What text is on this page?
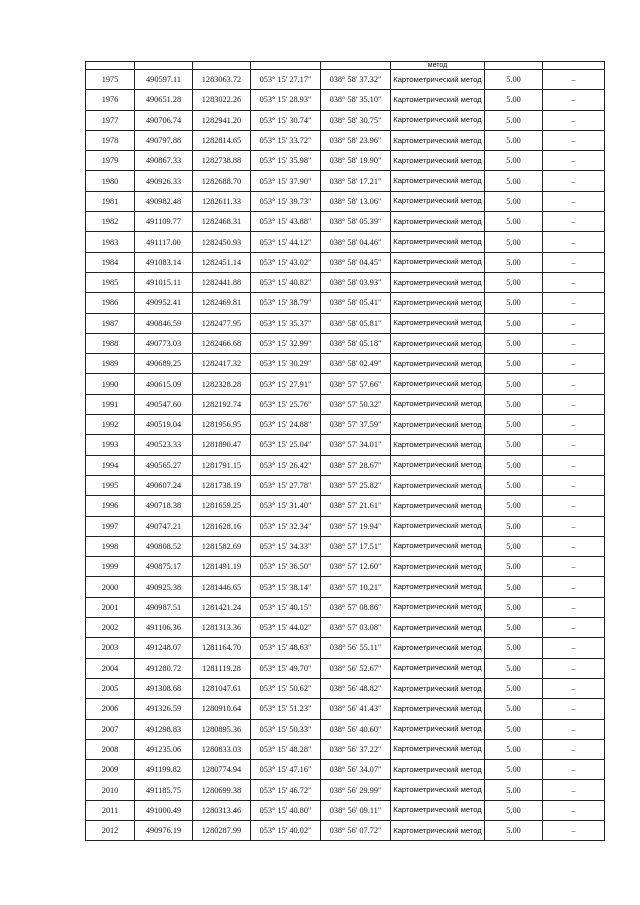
					метод		
1975	490597.11	1283063.72	053° 15' 27.17"	038° 58' 37.32"	Картометрический метод	5.00	–
1976	490651.28	1283022.26	053° 15' 28.93"	038° 58' 35.10"	Картометрический метод	5.00	–
1977	490706.74	1282941.20	053° 15' 30.74"	038° 58' 30.75"	Картометрический метод	5.00	–
1978	490797.88	1282814.65	053° 15' 33.72"	038° 58' 23.96"	Картометрический метод	5.00	–
1979	490867.33	1282738.88	053° 15' 35.98"	038° 58' 19.90"	Картометрический метод	5.00	–
1980	490926.33	1282688.70	053° 15' 37.90"	038° 58' 17.21"	Картометрический метод	5.00	–
1981	490982.48	1282611.33	053° 15' 39.73"	038° 58' 13.06"	Картометрический метод	5.00	–
1982	491109.77	1282468.31	053° 15' 43.88"	038° 58' 05.39"	Картометрический метод	5.00	–
1983	491117.00	1282450.93	053° 15' 44.12"	038° 58' 04.46"	Картометрический метод	5.00	–
1984	491083.14	1282451.14	053° 15' 43.02"	038° 58' 04.45"	Картометрический метод	5.00	–
1985	491015.11	1282441.88	053° 15' 40.82"	038° 58' 03.93"	Картометрический метод	5.00	–
1986	490952.41	1282469.81	053° 15' 38.79"	038° 58' 05.41"	Картометрический метод	5.00	–
1987	490846.59	1282477.95	053° 15' 35.37"	038° 58' 05.81"	Картометрический метод	5.00	–
1988	490773.03	1282466.68	053° 15' 32.99"	038° 58' 05.18"	Картометрический метод	5.00	–
1989	490689.25	1282417.32	053° 15' 30.29"	038° 58' 02.49"	Картометрический метод	5.00	–
1990	490615.09	1282328.28	053° 15' 27.91"	038° 57' 57.66"	Картометрический метод	5.00	–
1991	490547.60	1282192.74	053° 15' 25.76"	038° 57' 50.32"	Картометрический метод	5.00	–
1992	490519.04	1281956.95	053° 15' 24.88"	038° 57' 37.59"	Картометрический метод	5.00	–
1993	490523.33	1281890.47	053° 15' 25.04"	038° 57' 34.01"	Картометрический метод	5.00	–
1994	490565.27	1281791.15	053° 15' 26.42"	038° 57' 28.67"	Картометрический метод	5.00	–
1995	490607.24	1281738.19	053° 15' 27.78"	038° 57' 25.82"	Картометрический метод	5.00	–
1996	490718.38	1281659.25	053° 15' 31.40"	038° 57' 21.61"	Картометрический метод	5.00	–
1997	490747.21	1281628.16	053° 15' 32.34"	038° 57' 19.94"	Картометрический метод	5.00	–
1998	490808.52	1281582.69	053° 15' 34.33"	038° 57' 17.51"	Картометрический метод	5.00	–
1999	490875.17	1281491.19	053° 15' 36.50"	038° 57' 12.60"	Картометрический метод	5.00	–
2000	490925.38	1281446.65	053° 15' 38.14"	038° 57' 10.21"	Картометрический метод	5.00	–
2001	490987.51	1281421.24	053° 15' 40.15"	038° 57' 08.86"	Картометрический метод	5.00	–
2002	491106.36	1281313.36	053° 15' 44.02"	038° 57' 03.08"	Картометрический метод	5.00	–
2003	491248.07	1281164.70	053° 15' 48.63"	038° 56' 55.11"	Картометрический метод	5.00	–
2004	491280.72	1281119.28	053° 15' 49.70"	038° 56' 52.67"	Картометрический метод	5.00	–
2005	491308.68	1281047.61	053° 15' 50.62"	038° 56' 48.82"	Картометрический метод	5.00	–
2006	491326.59	1280910.64	053° 15' 51.23"	038° 56' 41.43"	Картометрический метод	5.00	–
2007	491298.83	1280895.36	053° 15' 50.33"	038° 56' 40.60"	Картометрический метод	5.00	–
2008	491235.06	1280833.03	053° 15' 48.28"	038° 56' 37.22"	Картометрический метод	5.00	–
2009	491199.82	1280774.94	053° 15' 47.16"	038° 56' 34.07"	Картометрический метод	5.00	–
2010	491185.75	1280699.38	053° 15' 46.72"	038° 56' 29.99"	Картометрический метод	5.00	–
2011	491000.49	1280313.46	053° 15' 40.80"	038° 56' 09.11"	Картометрический метод	5.00	–
2012	490976.19	1280287.99	053° 15' 40.02"	038° 56' 07.72"	Картометрический метод	5.00	–
